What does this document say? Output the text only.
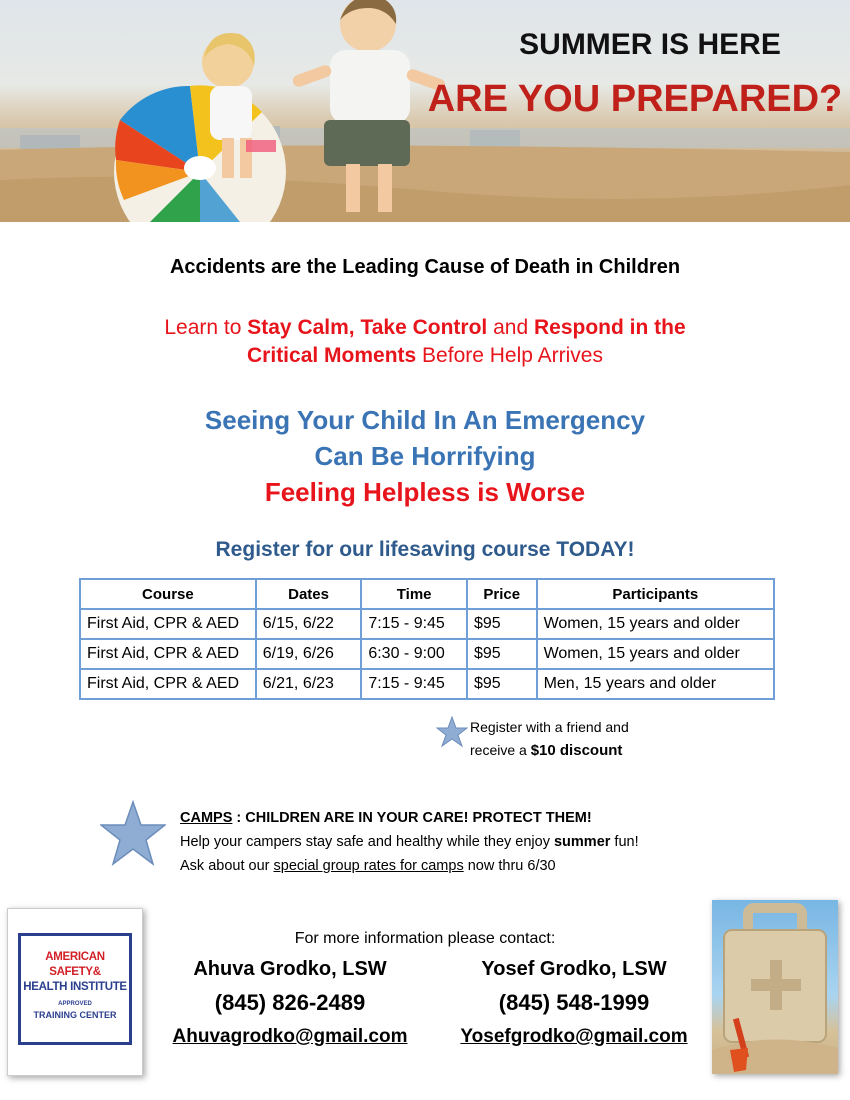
SUMMER IS HERE
ARE YOU PREPARED?
Accidents are the Leading Cause of Death in Children
Learn to Stay Calm, Take Control and Respond in the
Critical Moments Before Help Arrives
Seeing Your Child In An Emergency
Can Be Horrifying
Feeling Helpless is Worse
Register for our lifesaving course TODAY!
Course	Dates	Time	Price	Participants
First Aid, CPR & AED	6/15, 6/22	7:15 - 9:45	$95	Women, 15 years and older
First Aid, CPR & AED	6/19, 6/26	6:30 - 9:00	$95	Women, 15 years and older
First Aid, CPR & AED	6/21, 6/23	7:15 - 9:45	$95	Men, 15 years and older
Register with a friend and
receive a $10 discount
CAMPS : CHILDREN ARE IN YOUR CARE! PROTECT THEM!
Help your campers stay safe and healthy while they enjoy summer fun!
Ask about our special group rates for camps now thru 6/30
AMERICAN SAFETY&
HEALTH INSTITUTE
APPROVED
TRAINING CENTER
For more information please contact:
Ahuva Grodko, LSW
(845) 826-2489
Ahuvagrodko@gmail.com
Yosef Grodko, LSW
(845) 548-1999
Yosefgrodko@gmail.com
